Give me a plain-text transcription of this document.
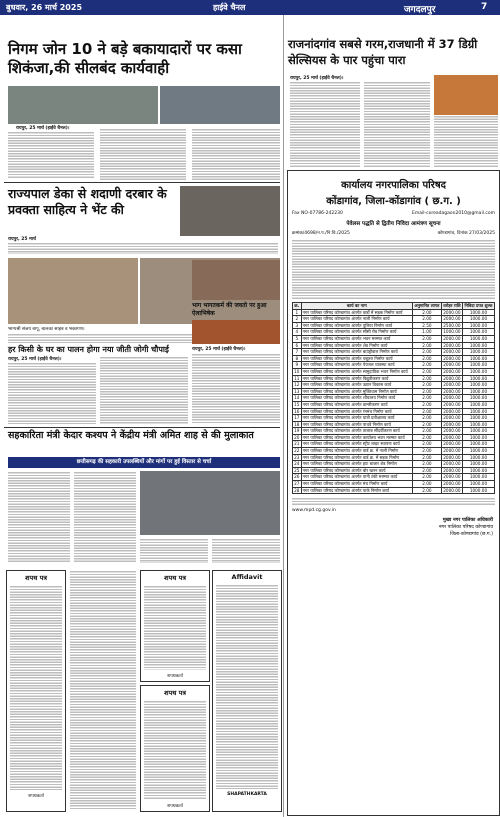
बुधवार, 26 मार्च 2025	हाईवे चैनल	जगदलपुर	7
निगम जोन 10 ने बड़े बकायादारों पर कसा शिकंजा,की सीलबंद कार्यवाही
रायपुर, 25 मार्च (हाईवे चैनल)।
राज्यपाल डेका से शदाणी दरबार के प्रवक्ता साहित्य ने भेंट की
रायपुर, 25 मार्च
भाग्यश्री संजय बापू, बालका साहब व भक्तगण।
हर किसी के घर का पालन होगा नया जीती जोगी चौपाई
रायपुर, 25 मार्च (हाईवे चैनल)।
भाग भागतकर्म की जवतो पर हुआ ऐलाभिषेक
रायपुर, 25 मार्च (हाईवे चैनल)।
सहकारिता मंत्री केदार कश्यप ने केंद्रीय मंत्री अमित शाह से की मुलाकात
छत्तीसगढ़ की सहकारी उपलब्धियों और मांगों पर हुई विस्तार से चर्चा
शपथ पत्र
शपथकर्ता
शपथ पत्र
शपथकर्ता
शपथ पत्र
शपथकर्ता
Affidavit
SHAPATHKARTA
राजनांदगांव सबसे गरम,राजधानी में 37 डिग्री सेल्सियस के पार पहुंचा पारा
रायपुर, 25 मार्च (हाईवे चैनल)।
कार्यालय नगरपालिका परिषद
कोंडागांव, जिला-कोंडागांव ( छ.ग. )
Fax NO-07786-242230	Email-coreadagaon2010@gmail.com
पेवेलस पद्धति से द्वितीय निविदा आमंत्रण सूचना
क्रमांक/4698/न.प./नि.वि./2025	कोण्डागांव, दिनांक 27/03/2025
क्र.	कार्य का नाम	अनुमानित लागत	धरोहर राशि	निविदा प्रपत्र शुल्क
1	नगर पालिका परिषद कोण्डागांव अंतर्गत वार्डों में सड़क निर्माण कार्य	2.00	2000.00	1000.00
2	नगर पालिका परिषद कोण्डागांव अंतर्गत नाली निर्माण कार्य	2.00	2000.00	1000.00
3	नगर पालिका परिषद कोण्डागांव अंतर्गत पुलिया निर्माण कार्य	2.50	2500.00	1000.00
4	नगर पालिका परिषद कोण्डागांव अंतर्गत सीसी रोड निर्माण कार्य	1.00	1000.00	1000.00
5	नगर पालिका परिषद कोण्डागांव अंतर्गत भवन मरम्मत कार्य	2.00	2000.00	1000.00
6	नगर पालिका परिषद कोण्डागांव अंतर्गत शेड निर्माण कार्य	2.00	2000.00	1000.00
7	नगर पालिका परिषद कोण्डागांव अंतर्गत बाउंड्रीवाल निर्माण कार्य	2.00	2000.00	1000.00
8	नगर पालिका परिषद कोण्डागांव अंतर्गत चबूतरा निर्माण कार्य	2.00	2000.00	1000.00
9	नगर पालिका परिषद कोण्डागांव अंतर्गत पेयजल व्यवस्था कार्य	2.00	2000.00	1000.00
10	नगर पालिका परिषद कोण्डागांव अंतर्गत सामुदायिक भवन निर्माण कार्य	2.00	2000.00	1000.00
11	नगर पालिका परिषद कोण्डागांव अंतर्गत विद्युतीकरण कार्य	2.00	2000.00	1000.00
12	नगर पालिका परिषद कोण्डागांव अंतर्गत उद्यान विकास कार्य	2.00	2000.00	1000.00
13	नगर पालिका परिषद कोण्डागांव अंतर्गत मुक्तिधाम निर्माण कार्य	2.00	2000.00	1000.00
14	नगर पालिका परिषद कोण्डागांव अंतर्गत शौचालय निर्माण कार्य	2.00	2000.00	1000.00
15	नगर पालिका परिषद कोण्डागांव अंतर्गत डामरीकरण कार्य	2.00	2000.00	1000.00
16	नगर पालिका परिषद कोण्डागांव अंतर्गत रंगमंच निर्माण कार्य	2.00	2000.00	1000.00
17	नगर पालिका परिषद कोण्डागांव अंतर्गत यात्री प्रतीक्षालय कार्य	2.00	2000.00	1000.00
18	नगर पालिका परिषद कोण्डागांव अंतर्गत पाथवे निर्माण कार्य	2.00	2000.00	1000.00
19	नगर पालिका परिषद कोण्डागांव अंतर्गत तालाब सौंदर्यीकरण कार्य	2.00	2000.00	1000.00
20	नगर पालिका परिषद कोण्डागांव अंतर्गत कार्यालय भवन मरम्मत कार्य	2.00	2000.00	1000.00
21	नगर पालिका परिषद कोण्डागांव अंतर्गत स्ट्रीट लाइट स्थापना कार्य	2.00	2000.00	1000.00
22	नगर पालिका परिषद कोण्डागांव अंतर्गत वार्ड क्र. में नाली निर्माण	2.00	2000.00	1000.00
23	नगर पालिका परिषद कोण्डागांव अंतर्गत वार्ड क्र. में सड़क निर्माण	2.00	2000.00	1000.00
24	नगर पालिका परिषद कोण्डागांव अंतर्गत हाट बाजार शेड निर्माण	2.00	2000.00	1000.00
25	नगर पालिका परिषद कोण्डागांव अंतर्गत बोर खनन कार्य	2.00	2000.00	1000.00
26	नगर पालिका परिषद कोण्डागांव अंतर्गत पानी टंकी मरम्मत कार्य	2.00	2000.00	1000.00
27	नगर पालिका परिषद कोण्डागांव अंतर्गत मंच निर्माण कार्य	2.00	2000.00	1000.00
28	नगर पालिका परिषद कोण्डागांव अंतर्गत पार्क निर्माण कार्य	2.00	2000.00	1000.00
www.mpd.cg.gov.in
मुख्य नगर पालिका अधिकारी
नगर पालिका परिषद कोण्डागांव
जिला-कोण्डागांव (छ.ग.)
